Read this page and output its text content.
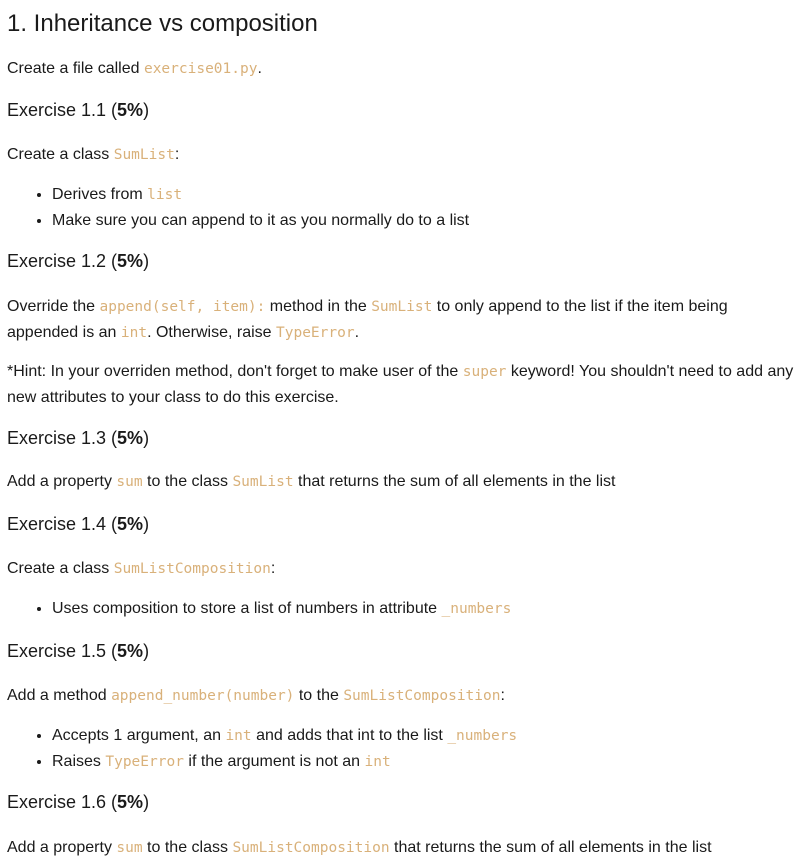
1. Inheritance vs composition

Create a file called exercise01.py.

Exercise 1.1 (5%)

Create a class SumList:

• Derives from list
• Make sure you can append to it as you normally do to a list
Exercise 1.2 (5%)

Override the append(self, item): method in the SumList to only append to the list if the item being appended is an int. Otherwise, raise TypeError.

*Hint: In your overriden method, don't forget to make user of the super keyword! You shouldn't need to add any new attributes to your class to do this exercise.

Exercise 1.3 (5%)

Add a property sum to the class SumList that returns the sum of all elements in the list

Exercise 1.4 (5%)

Create a class SumListComposition:

• Uses composition to store a list of numbers in attribute _numbers
Exercise 1.5 (5%)

Add a method append_number(number) to the SumListComposition:

• Accepts 1 argument, an int and adds that int to the list _numbers
• Raises TypeError if the argument is not an int
Exercise 1.6 (5%)

Add a property sum to the class SumListComposition that returns the sum of all elements in the list
